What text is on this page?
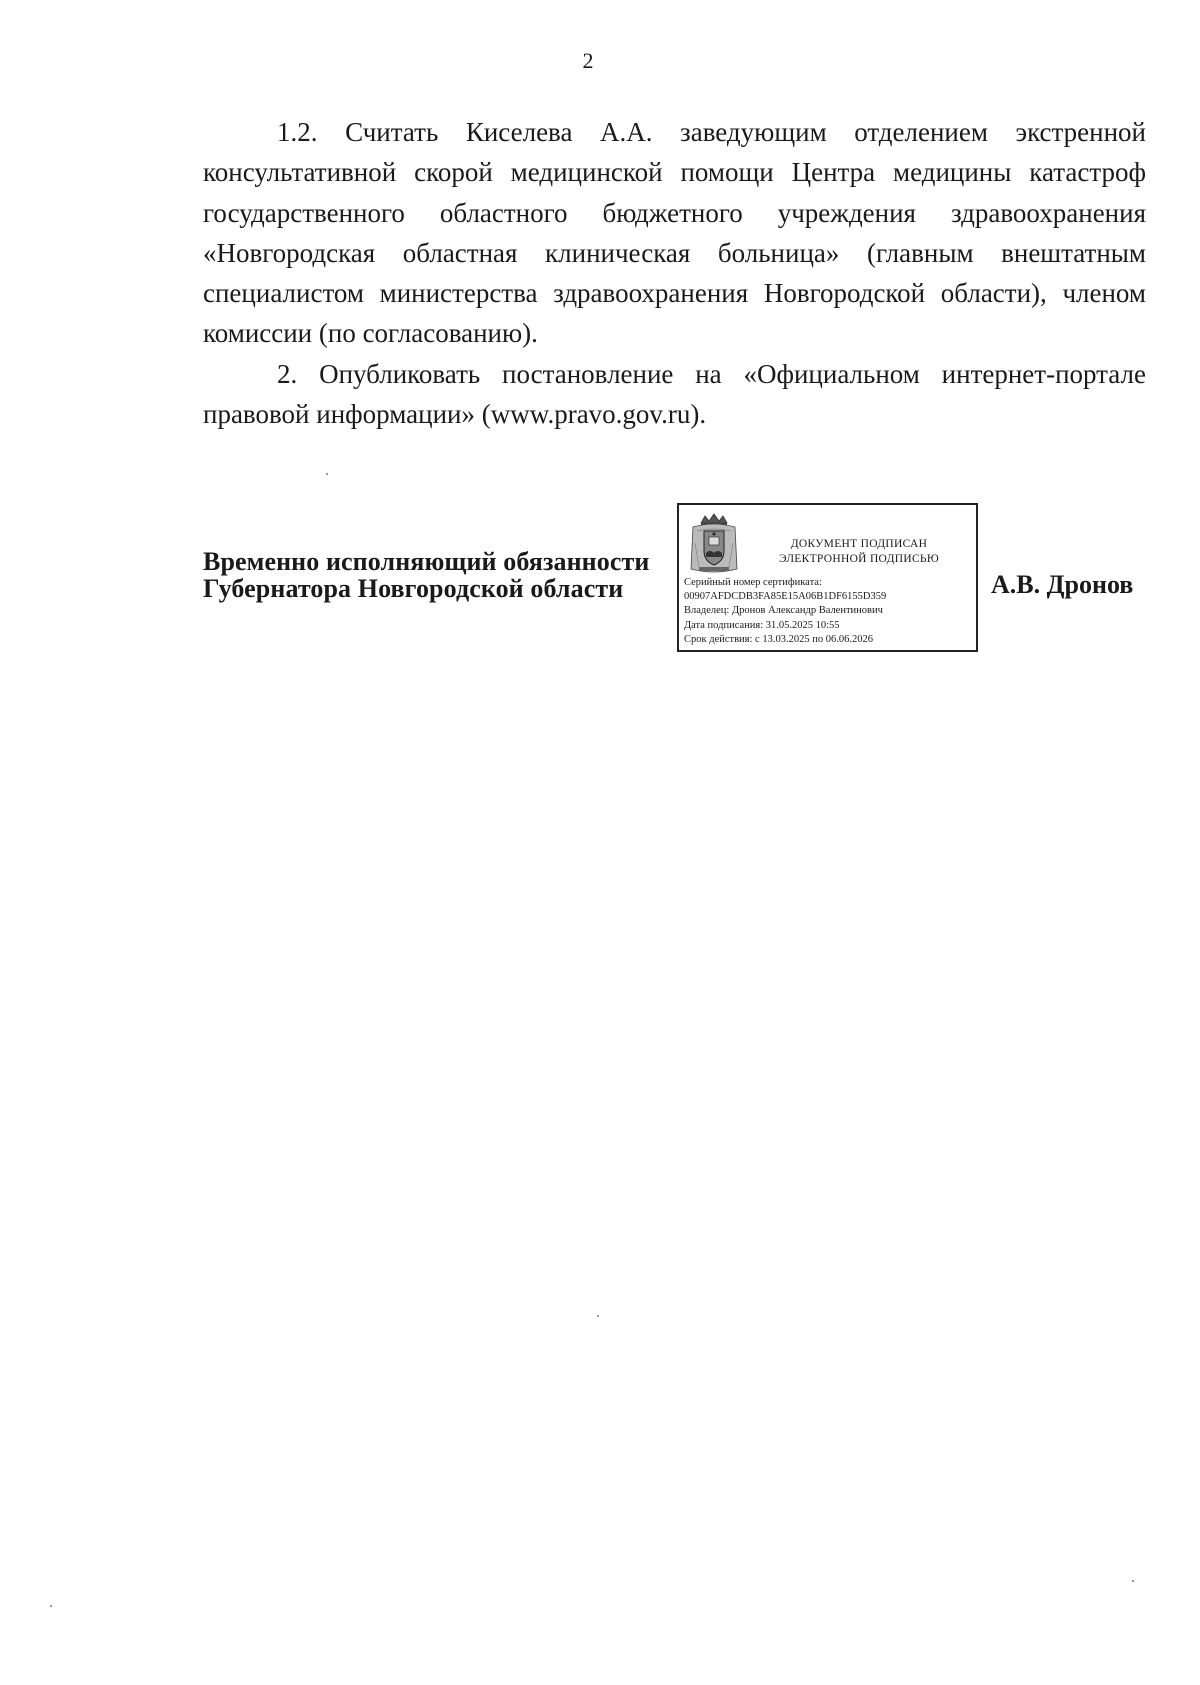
2

1.2. Считать Киселева А.А. заведующим отделением экстренной консультативной скорой медицинской помощи Центра медицины катастроф государственного областного бюджетного учреждения здравоохранения «Новгородская областная клиническая больница» (главным внештатным специалистом министерства здравоохранения Новгородской области), членом комиссии (по согласованию).

2. Опубликовать постановление на «Официальном интернет-портале правовой информации» (www.pravo.gov.ru).

Временно исполняющий обязанности
Губернатора Новгородской области
ДОКУМЕНТ ПОДПИСАН
ЭЛЕКТРОННОЙ ПОДПИСЬЮ
Серийный номер сертификата:
00907AFDCDB3FA85E15A06B1DF6155D359
Владелец: Дронов Александр Валентинович
Дата подписания: 31.05.2025 10:55
Срок действия: с 13.03.2025 по 06.06.2026
А.В. Дронов
